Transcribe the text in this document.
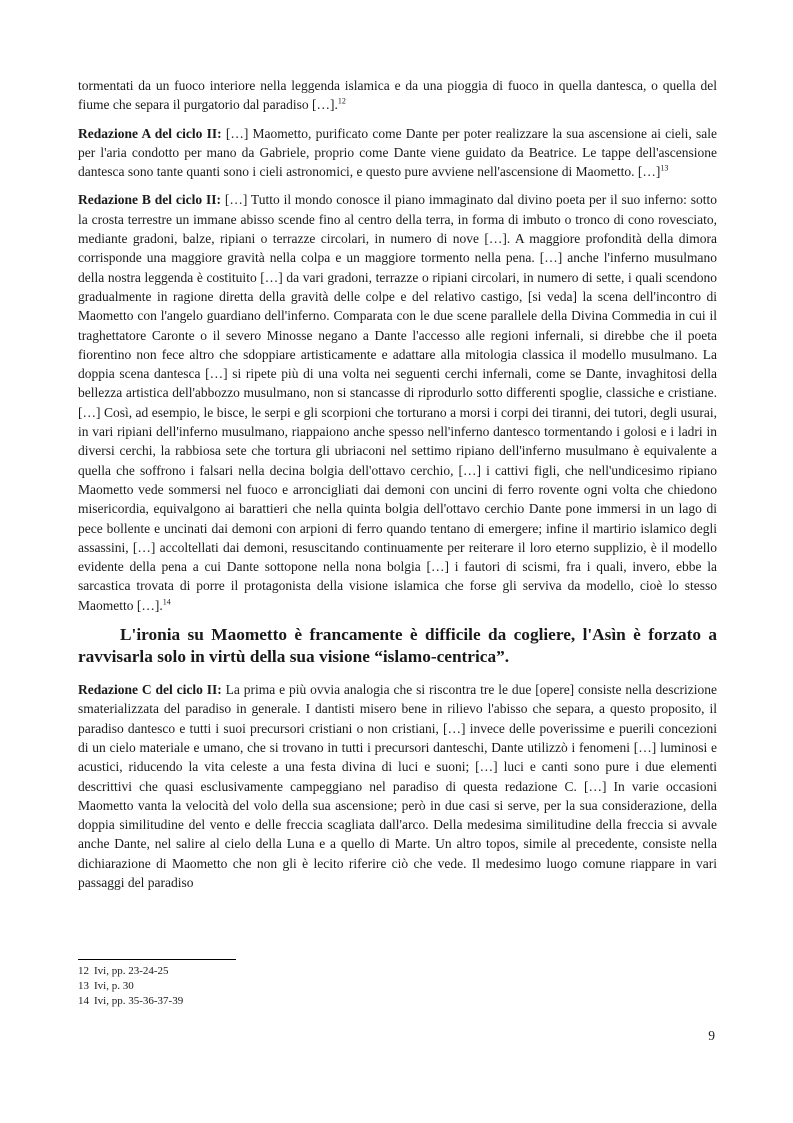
tormentati da un fuoco interiore nella leggenda islamica e da una pioggia di fuoco in quella dantesca, o quella del fiume che separa il purgatorio dal paradiso […].$^{12}$

Redazione A del ciclo II: […] Maometto, purificato come Dante per poter realizzare la sua ascensione ai cieli, sale per l'aria condotto per mano da Gabriele, proprio come Dante viene guidato da Beatrice. Le tappe dell'ascensione dantesca sono tante quanti sono i cieli astronomici, e questo pure avviene nell'ascensione di Maometto. […]$^{13}$

Redazione B del ciclo II: […] Tutto il mondo conosce il piano immaginato dal divino poeta per il suo inferno: sotto la crosta terrestre un immane abisso scende fino al centro della terra, in forma di imbuto o tronco di cono rovesciato, mediante gradoni, balze, ripiani o terrazze circolari, in numero di nove […]. A maggiore profondità della dimora corrisponde una maggiore gravità nella colpa e un maggiore tormento nella pena. […] anche l'inferno musulmano della nostra leggenda è costituito […] da vari gradoni, terrazze o ripiani circolari, in numero di sette, i quali scendono gradualmente in ragione diretta della gravità delle colpe e del relativo castigo, [si veda] la scena dell'incontro di Maometto con l'angelo guardiano dell'inferno. Comparata con le due scene parallele della Divina Commedia in cui il traghettatore Caronte o il severo Minosse negano a Dante l'accesso alle regioni infernali, si direbbe che il poeta fiorentino non fece altro che sdoppiare artisticamente e adattare alla mitologia classica il modello musulmano. La doppia scena dantesca […] si ripete più di una volta nei seguenti cerchi infernali, come se Dante, invaghitosi della bellezza artistica dell'abbozzo musulmano, non si stancasse di riprodurlo sotto differenti spoglie, classiche e cristiane. […] Così, ad esempio, le bisce, le serpi e gli scorpioni che torturano a morsi i corpi dei tiranni, dei tutori, degli usurai, in vari ripiani dell'inferno musulmano, riappaiono anche spesso nell'inferno dantesco tormentando i golosi e i ladri in diversi cerchi, la rabbiosa sete che tortura gli ubriaconi nel settimo ripiano dell'inferno musulmano è equivalente a quella che soffrono i falsari nella decina bolgia dell'ottavo cerchio, […] i cattivi figli, che nell'undicesimo ripiano Maometto vede sommersi nel fuoco e arroncigliati dai demoni con uncini di ferro rovente ogni volta che chiedono misericordia, equivalgono ai barattieri che nella quinta bolgia dell'ottavo cerchio Dante pone immersi in un lago di pece bollente e uncinati dai demoni con arpioni di ferro quando tentano di emergere; infine il martirio islamico degli assassini, […] accoltellati dai demoni, resuscitando continuamente per reiterare il loro eterno supplizio, è il modello evidente della pena a cui Dante sottopone nella nona bolgia […] i fautori di scismi, fra i quali, invero, ebbe la sarcastica trovata di porre il protagonista della visione islamica che forse gli serviva da modello, cioè lo stesso Maometto […].$^{14}$

L'ironia su Maometto è francamente è difficile da cogliere, l'Asìn è forzato a ravvisarla solo in virtù della sua visione “islamo-centrica”.

Redazione C del ciclo II: La prima e più ovvia analogia che si riscontra tre le due [opere] consiste nella descrizione smaterializzata del paradiso in generale. I dantisti misero bene in rilievo l'abisso che separa, a questo proposito, il paradiso dantesco e tutti i suoi precursori cristiani o non cristiani, […] invece delle poverissime e puerili concezioni di un cielo materiale e umano, che si trovano in tutti i precursori danteschi, Dante utilizzò i fenomeni […] luminosi e acustici, riducendo la vita celeste a una festa divina di luci e suoni; […] luci e canti sono pure i due elementi descrittivi che quasi esclusivamente campeggiano nel paradiso di questa redazione C. […] In varie occasioni Maometto vanta la velocità del volo della sua ascensione; però in due casi si serve, per la sua considerazione, della doppia similitudine del vento e delle freccia scagliata dall'arco. Della medesima similitudine della freccia si avvale anche Dante, nel salire al cielo della Luna e a quello di Marte. Un altro topos, simile al precedente, consiste nella dichiarazione di Maometto che non gli è lecito riferire ciò che vede. Il medesimo luogo comune riappare in vari passaggi del paradiso

12 Ivi, pp. 23-24-25
13 Ivi, p. 30
14 Ivi, pp. 35-36-37-39
9
